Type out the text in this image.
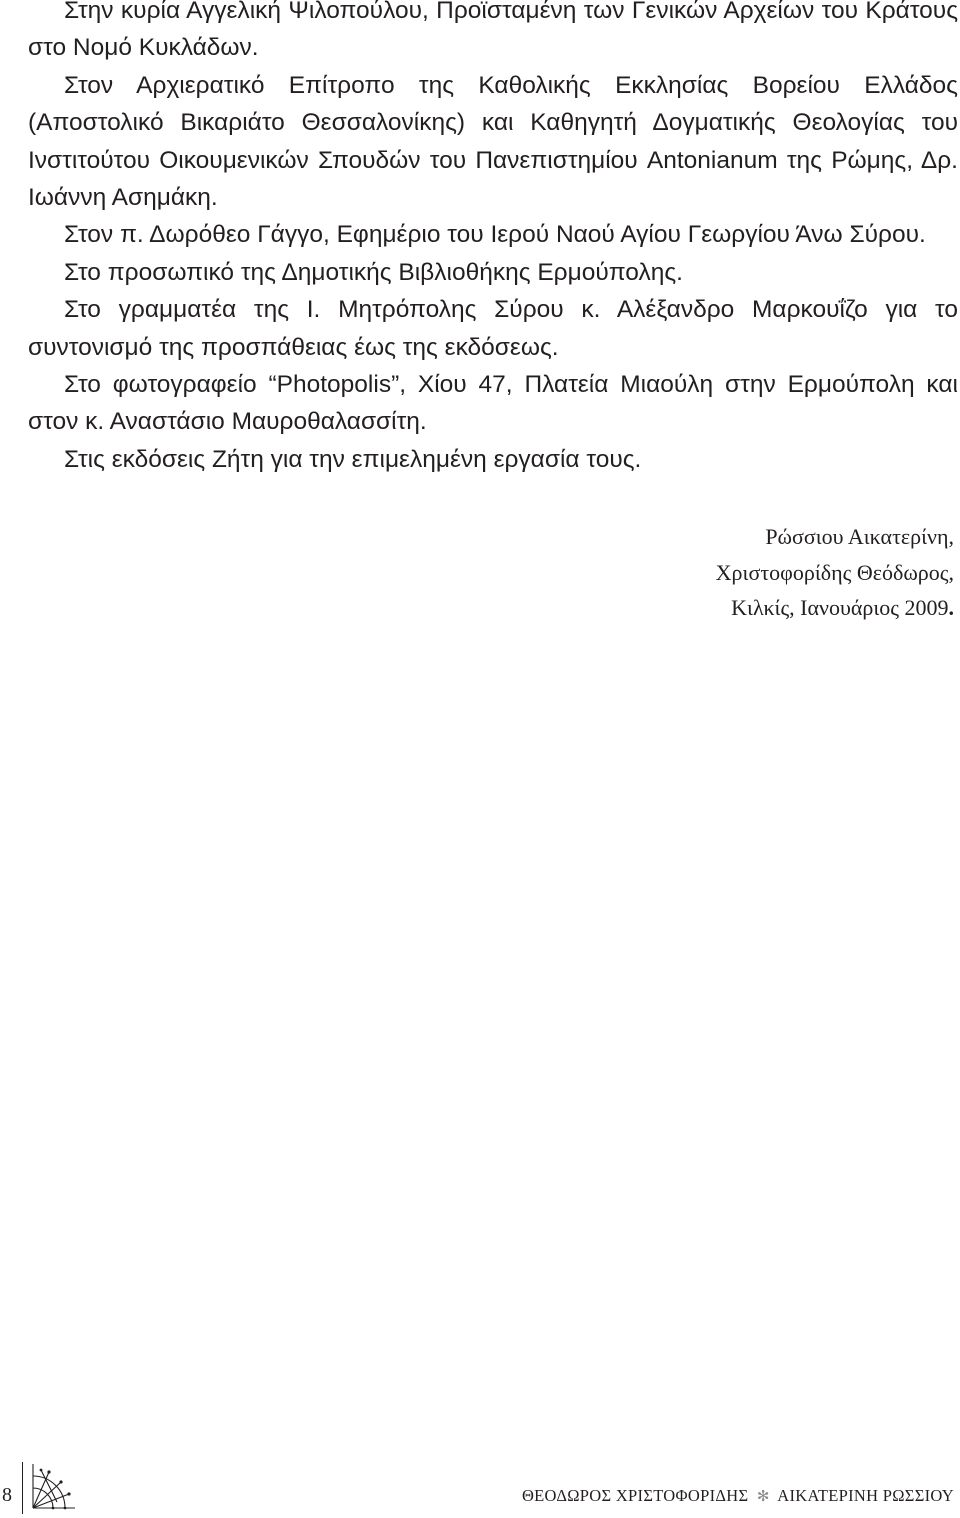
Στην κυρία Αγγελική Ψιλοπούλου, Προϊσταμένη των Γενικών Αρχείων του Κράτους στο Νομό Κυκλάδων.

Στον Αρχιερατικό Επίτροπο της Καθολικής Εκκλησίας Βορείου Ελλάδος (Αποστολικό Βικαριάτο Θεσσαλονίκης) και Καθηγητή Δογματικής Θεολογίας του Ινστιτούτου Οικουμενικών Σπουδών του Πανεπιστημίου Antonianum της Ρώμης, Δρ. Ιωάννη Ασημάκη.

Στον π. Δωρόθεο Γάγγο, Εφημέριο του Ιερού Ναού Αγίου Γεωργίου Άνω Σύρου.

Στο προσωπικό της Δημοτικής Βιβλιοθήκης Ερμούπολης.

Στο γραμματέα της Ι. Μητρόπολης Σύρου κ. Αλέξανδρο Μαρκουΐζο για το συντονισμό της προσπάθειας έως της εκδόσεως.

Στο φωτογραφείο “Photopolis”, Χίου 47, Πλατεία Μιαούλη στην Ερμούπολη και στον κ. Αναστάσιο Μαυροθαλασσίτη.

Στις εκδόσεις Ζήτη για την επιμελημένη εργασία τους.

Ρώσσιου Αικατερίνη,
Χριστοφορίδης Θεόδωρος,
Κιλκίς, Ιανουάριος 2009.
8	ΘΕΟΔΩΡΟΣ ΧΡΙΣΤΟΦΟΡΙΔΗΣ ✻ ΑΙΚΑΤΕΡΙΝΗ ΡΩΣΣΙΟΥ
